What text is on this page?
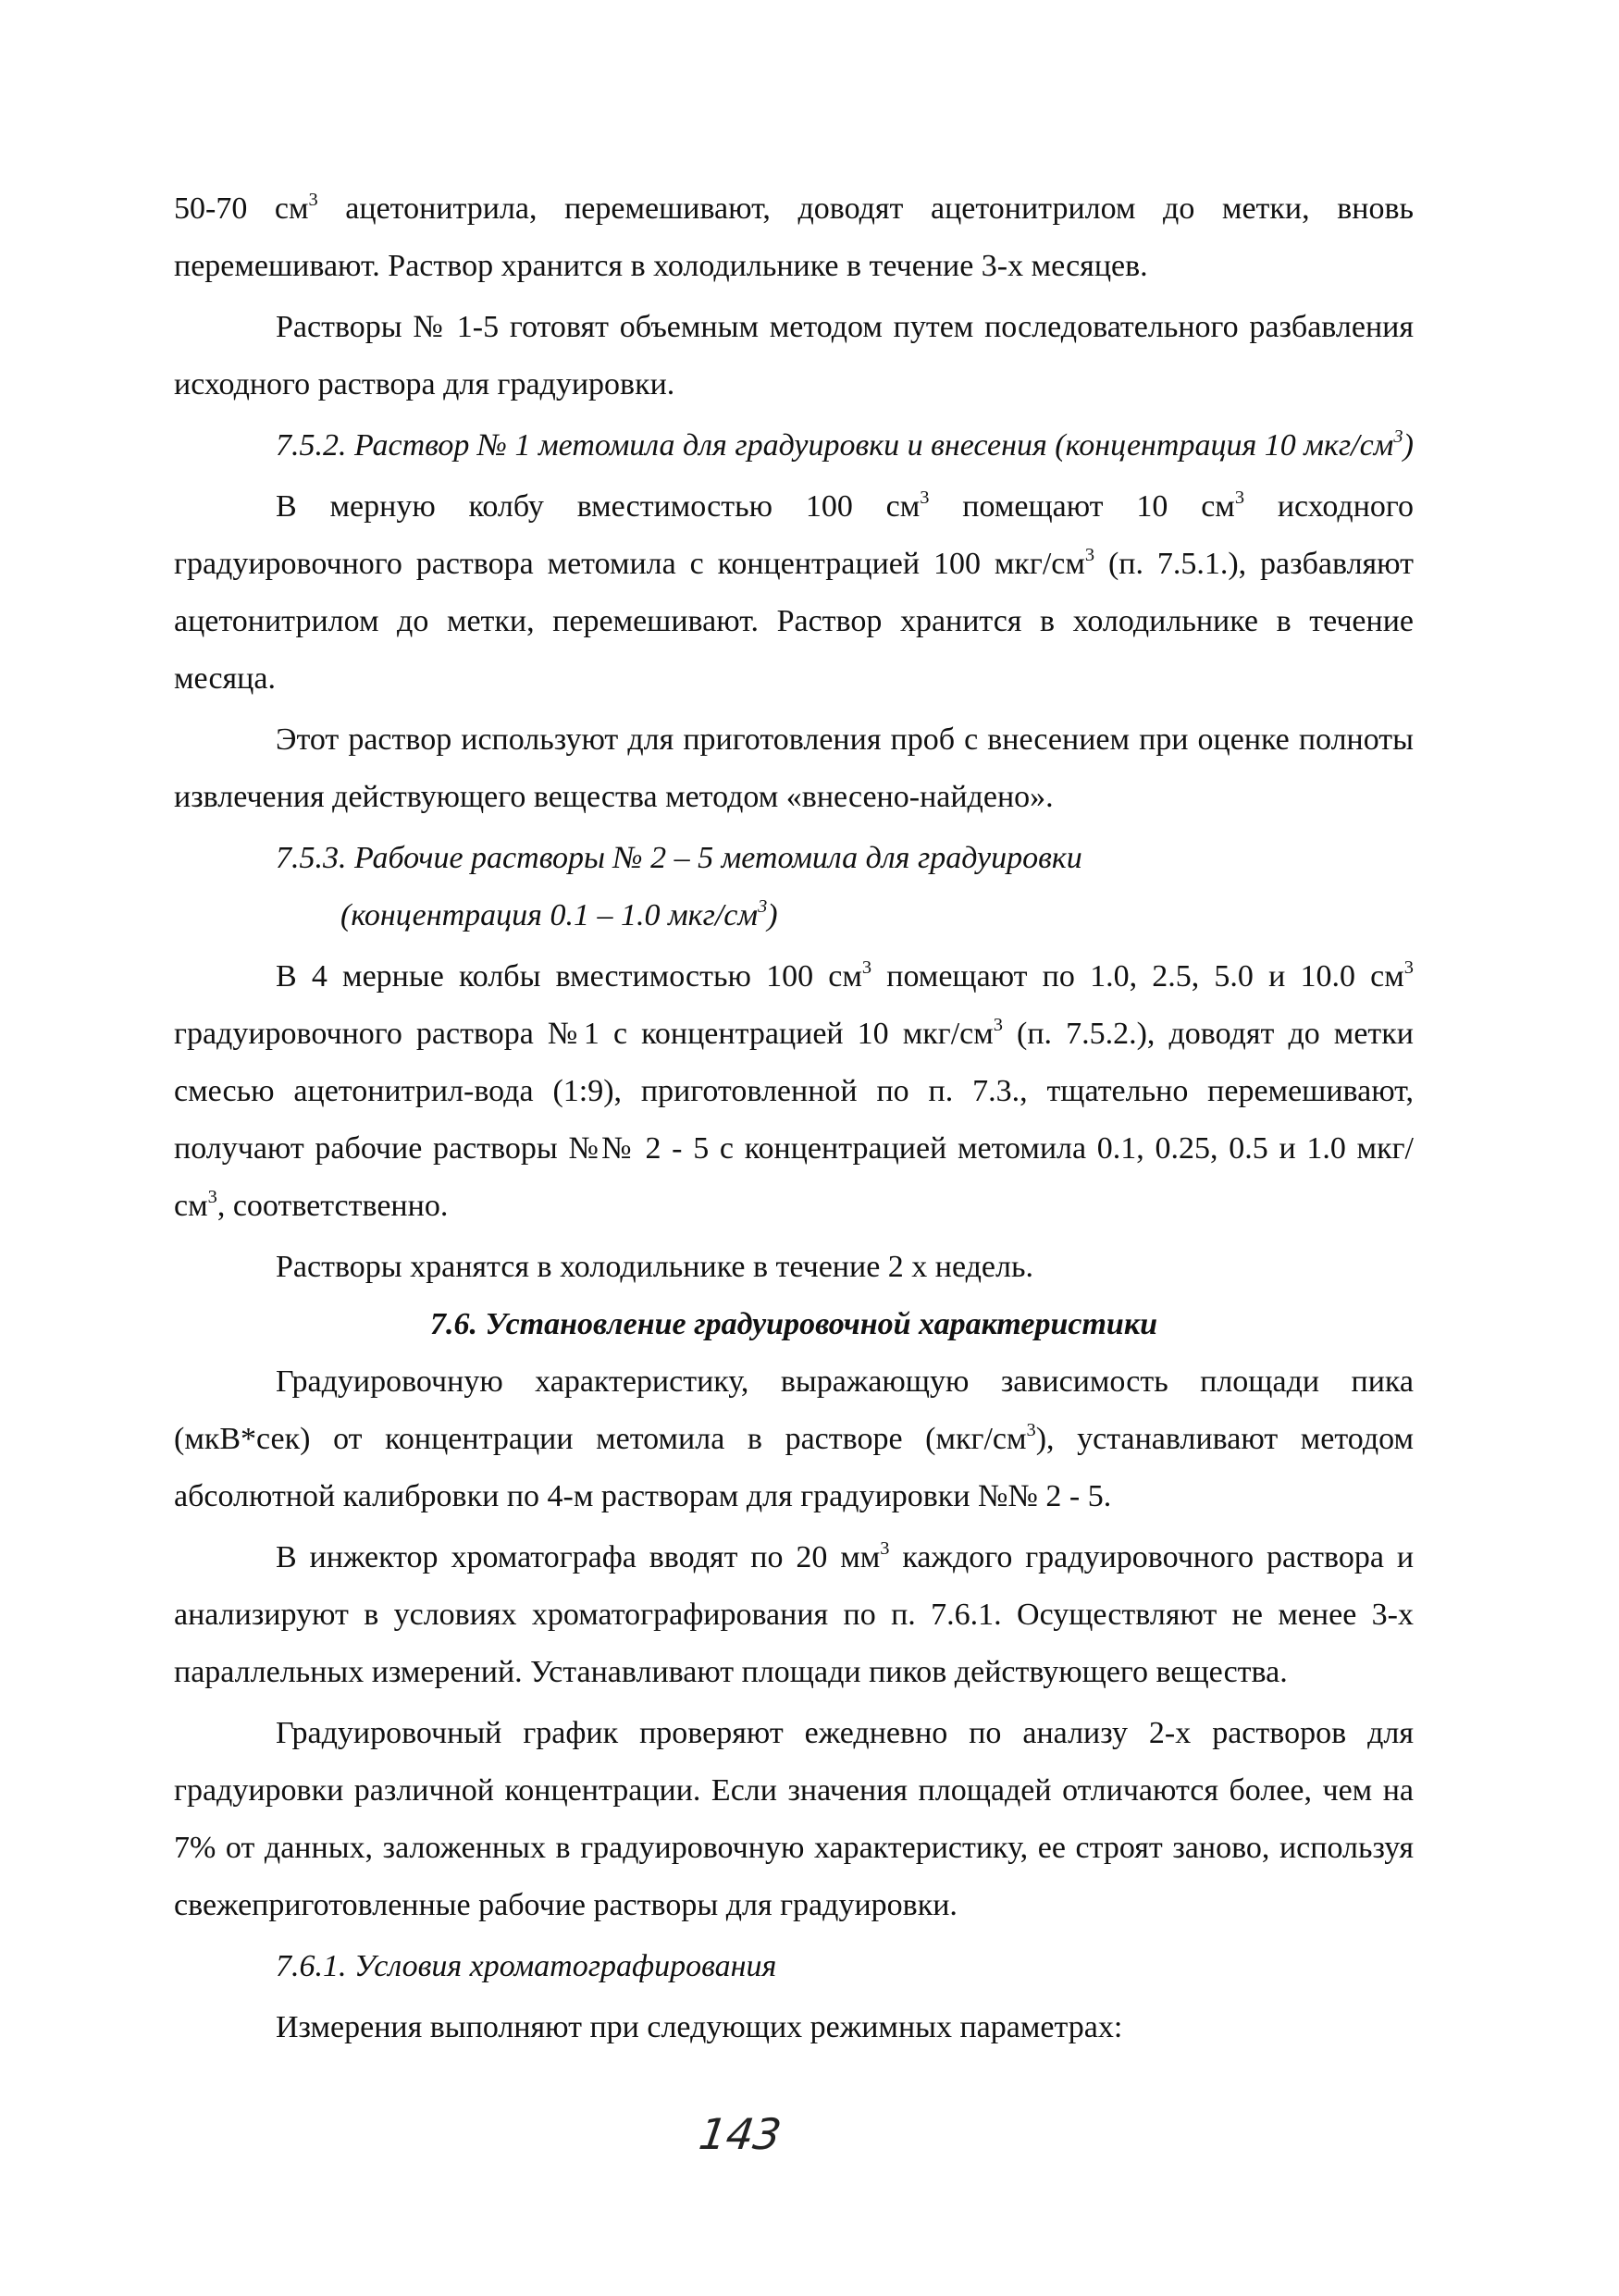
50-70 $см^3$ ацетонитрила, перемешивают, доводят ацетонитрилом до метки, вновь перемешивают. Раствор хранится в холодильнике в течение 3-х месяцев.

Растворы № 1-5 готовят объемным методом путем последовательного разбавления исходного раствора для градуировки.

7.5.2. Раствор № 1 метомила для градуировки и внесения (концентрация 10 мкг/$см^3$)

В мерную колбу вместимостью 100 $см^3$ помещают 10 $см^3$ исходного градуировочного раствора метомила с концентрацией 100 мкг/$см^3$ (п. 7.5.1.), разбавляют ацетонитрилом до метки, перемешивают. Раствор хранится в холодильнике в течение месяца.

Этот раствор используют для приготовления проб с внесением при оценке полноты извлечения действующего вещества методом «внесено-найдено».

7.5.3. Рабочие растворы № 2 – 5 метомила для градуировки

(концентрация 0.1 – 1.0 мкг/$см^3$)

В 4 мерные колбы вместимостью 100 $см^3$ помещают по 1.0, 2.5, 5.0 и 10.0 $см^3$ градуировочного раствора №1 с концентрацией 10 мкг/$см^3$ (п. 7.5.2.), доводят до метки смесью ацетонитрил-вода (1:9), приготовленной по п. 7.3., тщательно перемешивают, получают рабочие растворы №№ 2 - 5 с концентрацией метомила 0.1, 0.25, 0.5 и 1.0 мкг/$см^3$, соответственно.

Растворы хранятся в холодильнике в течение 2 х недель.

7.6. Установление градуировочной характеристики

Градуировочную характеристику, выражающую зависимость площади пика (мкВ*сек) от концентрации метомила в растворе $(мкг/см^3)$, устанавливают методом абсолютной калибровки по 4-м растворам для градуировки №№ 2 - 5.

В инжектор хроматографа вводят по 20 $мм^3$ каждого градуировочного раствора и анализируют в условиях хроматографирования по п. 7.6.1. Осуществляют не менее 3-х параллельных измерений. Устанавливают площади пиков действующего вещества.

Градуировочный график проверяют ежедневно по анализу 2-х растворов для градуировки различной концентрации. Если значения площадей отличаются более, чем на 7% от данных, заложенных в градуировочную характеристику, ее строят заново, используя свежеприготовленные рабочие растворы для градуировки.

7.6.1. Условия хроматографирования

Измерения выполняют при следующих режимных параметрах:

143
